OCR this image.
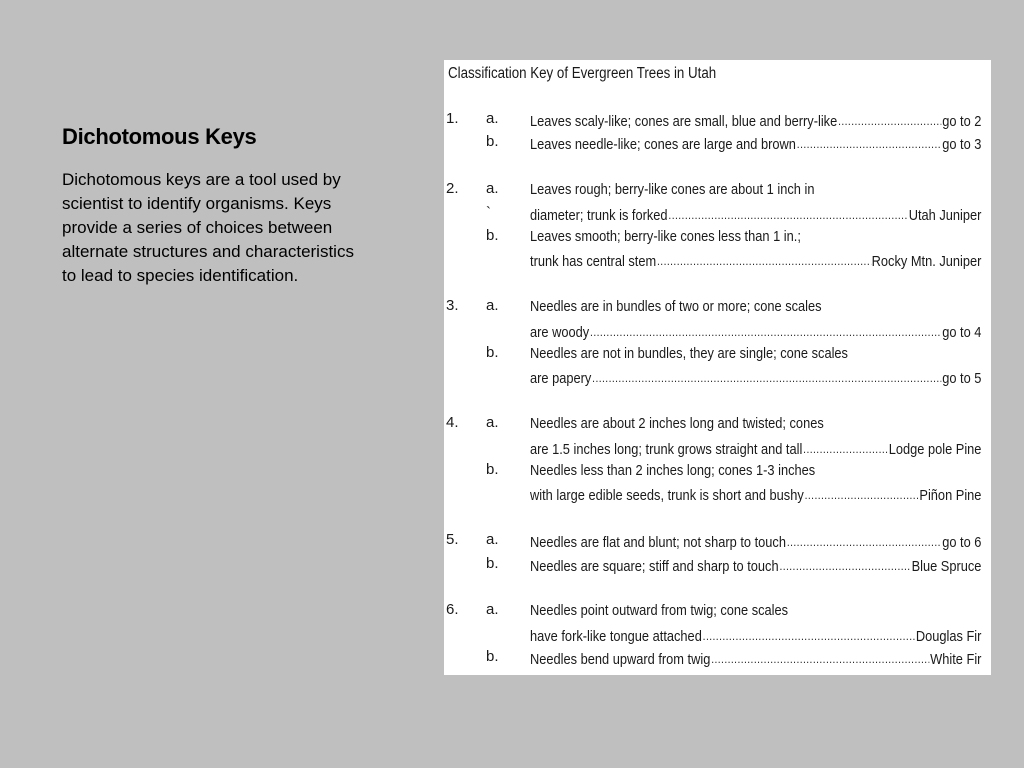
Dichotomous Keys
Dichotomous keys are a tool used by scientist to identify organisms. Keys provide a series of choices between alternate structures and characteristics to lead to species identification.
Classification Key of Evergreen Trees in Utah
1. a. Leaves scaly-like; cones are small, blue and berry-like .....	go to 2
b. Leaves needle-like; cones are large and brown .....	go to 3
2. a. Leaves rough; berry-like cones are about 1 inch in
`	diameter; trunk is forked .....	Utah Juniper
b. Leaves smooth; berry-like cones less than 1 in.;
trunk has central stem .....	Rocky Mtn. Juniper
3. a. Needles are in bundles of two or more; cone scales
are woody .....	go to 4
b. Needles are not in bundles, they are single; cone scales
are papery .....	go to 5
4. a. Needles are about 2 inches long and twisted; cones
are 1.5 inches long; trunk grows straight and tall .....	Lodge pole Pine
b. Needles less than 2 inches long; cones 1-3 inches
with large edible seeds, trunk is short and bushy .....	Piñon Pine
5. a. Needles are flat and blunt; not sharp to touch .....	go to 6
b. Needles are square; stiff and sharp to touch .....	Blue Spruce
6. a. Needles point outward from twig; cone scales
have fork-like tongue attached .....	Douglas Fir
b. Needles bend upward from twig .....	White Fir
